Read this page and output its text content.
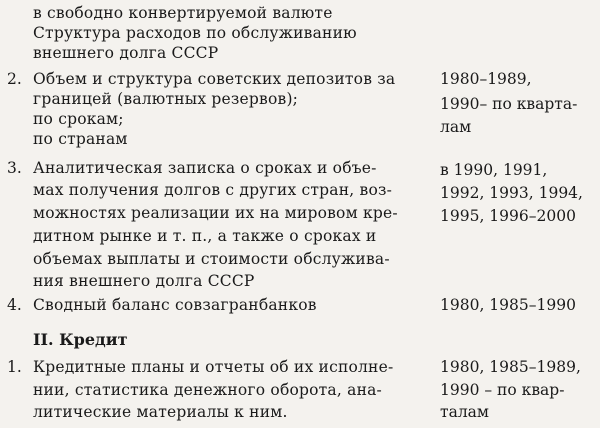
в свободно конвертируемой валюте
Структура расходов по обслуживанию
внешнего долга СССР
2. Объем и структура советских депозитов за
границей (валютных резервов);
по срокам;
по странам
1980–1989,
1990– по кварта-
лам
3. Аналитическая записка о сроках и объе-
мах получения долгов с других стран, воз-
можностях реализации их на мировом кре-
дитном рынке и т. п., а также о сроках и
объемах выплаты и стоимости обслужива-
ния внешнего долга СССР
в 1990, 1991,
1992, 1993, 1994,
1995, 1996–2000
4. Сводный баланс совзагранбанков	1980, 1985–1990
II. Кредит
1. Кредитные планы и отчеты об их исполне-
нии, статистика денежного оборота, ана-
литические материалы к ним.
1980, 1985–1989,
1990 – по квар-
талам
